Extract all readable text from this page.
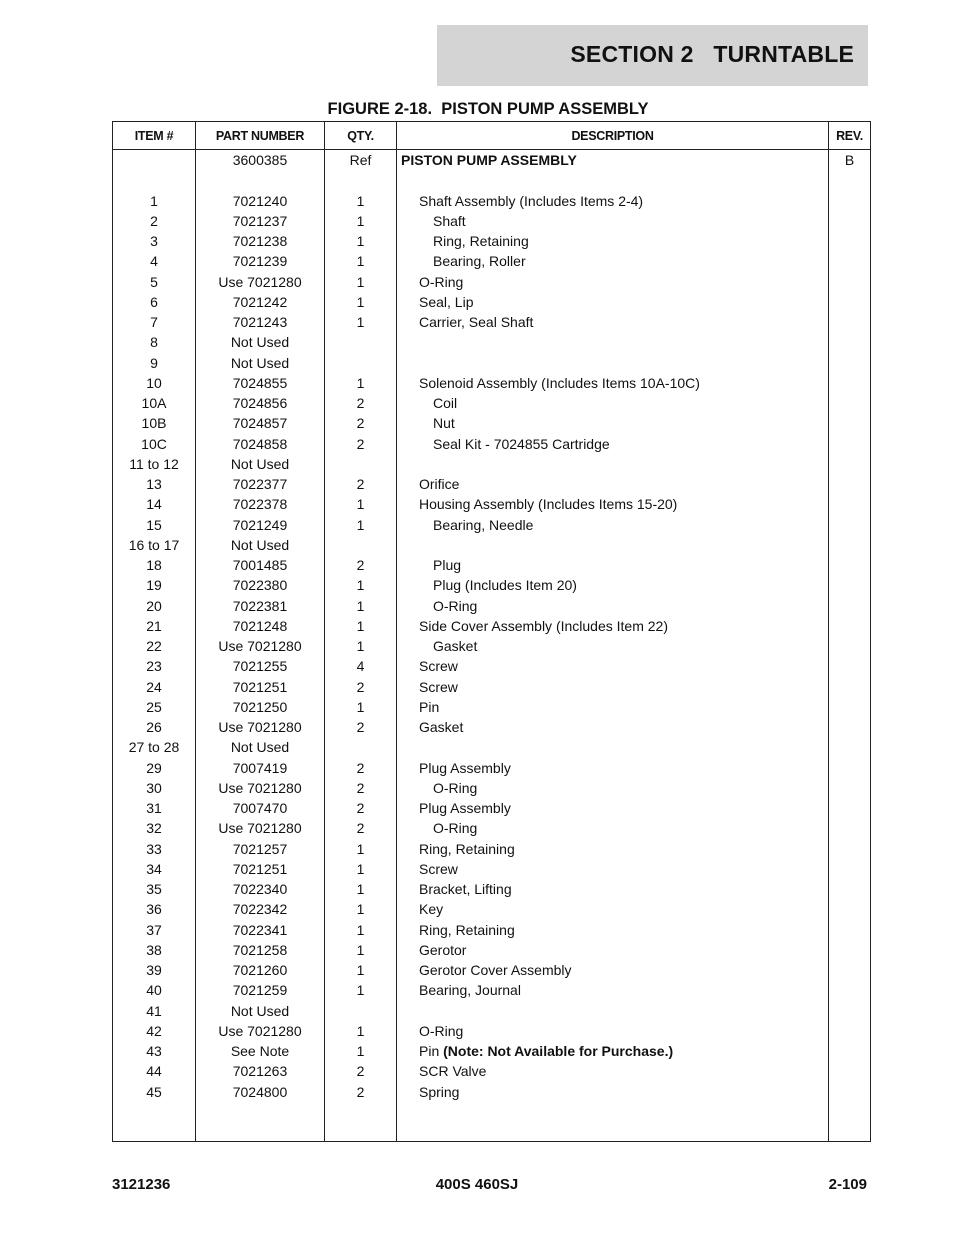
SECTION 2   TURNTABLE
FIGURE 2-18.  PISTON PUMP ASSEMBLY
ITEM #	PART NUMBER	QTY.	DESCRIPTION	REV.
	3600385	Ref	PISTON PUMP ASSEMBLY	B

1	7021240	1	Shaft Assembly (Includes Items 2-4)	
2	7021237	1	Shaft	
3	7021238	1	Ring, Retaining	
4	7021239	1	Bearing, Roller	
5	Use 7021280	1	O-Ring	
6	7021242	1	Seal, Lip	
7	7021243	1	Carrier, Seal Shaft	
8	Not Used			
9	Not Used			
10	7024855	1	Solenoid Assembly (Includes Items 10A-10C)	
10A	7024856	2	Coil	
10B	7024857	2	Nut	
10C	7024858	2	Seal Kit - 7024855 Cartridge	
11 to 12	Not Used			
13	7022377	2	Orifice	
14	7022378	1	Housing Assembly (Includes Items 15-20)	
15	7021249	1	Bearing, Needle	
16 to 17	Not Used			
18	7001485	2	Plug	
19	7022380	1	Plug (Includes Item 20)	
20	7022381	1	O-Ring	
21	7021248	1	Side Cover Assembly (Includes Item 22)	
22	Use 7021280	1	Gasket	
23	7021255	4	Screw	
24	7021251	2	Screw	
25	7021250	1	Pin	
26	Use 7021280	2	Gasket	
27 to 28	Not Used			
29	7007419	2	Plug Assembly	
30	Use 7021280	2	O-Ring	
31	7007470	2	Plug Assembly	
32	Use 7021280	2	O-Ring	
33	7021257	1	Ring, Retaining	
34	7021251	1	Screw	
35	7022340	1	Bracket, Lifting	
36	7022342	1	Key	
37	7022341	1	Ring, Retaining	
38	7021258	1	Gerotor	
39	7021260	1	Gerotor Cover Assembly	
40	7021259	1	Bearing, Journal	
41	Not Used			
42	Use 7021280	1	O-Ring	
43	See Note	1	Pin (Note: Not Available for Purchase.)	
44	7021263	2	SCR Valve	
45	7024800	2	Spring	

3121236	400S 460SJ	2-109
